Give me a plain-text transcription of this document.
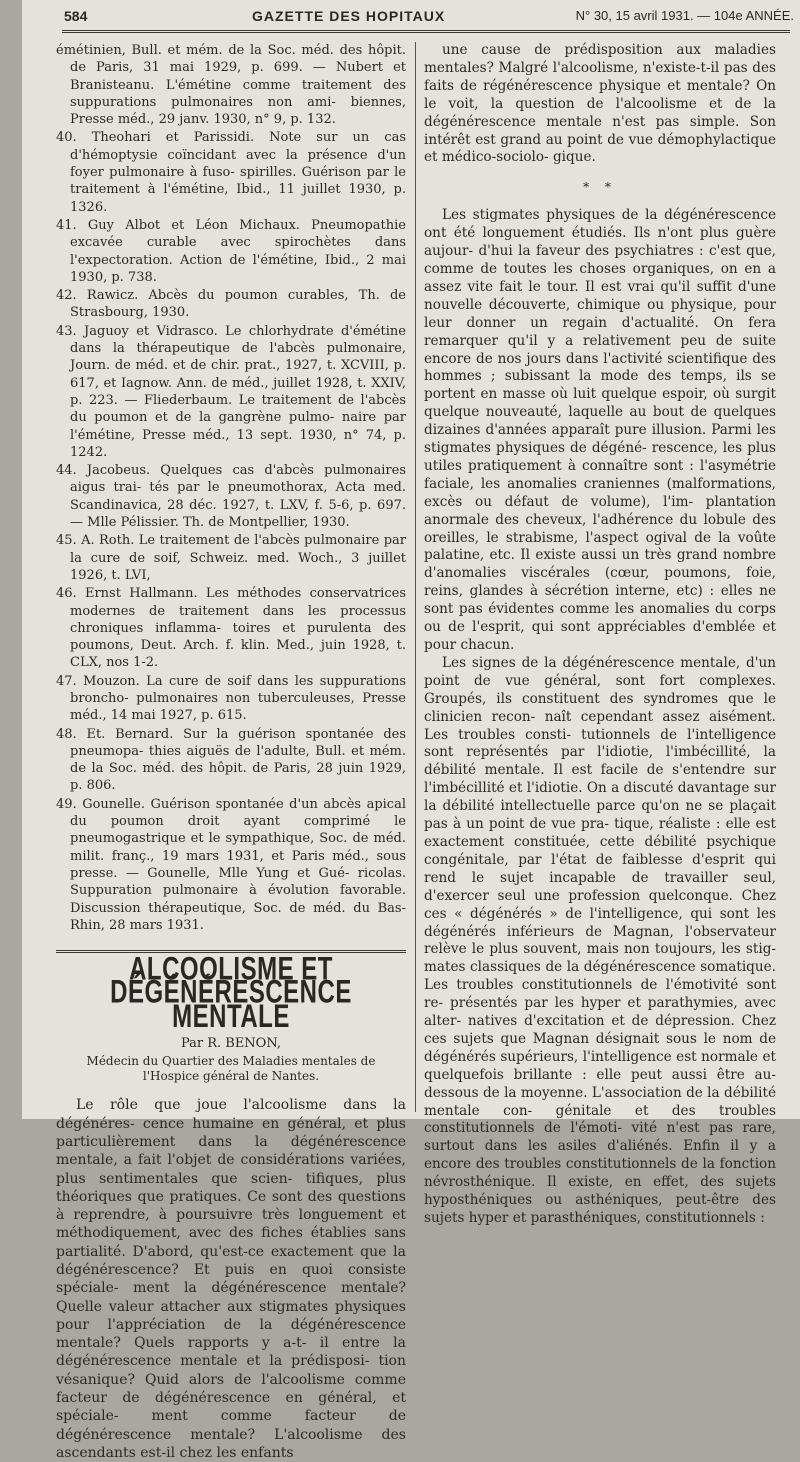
584	GAZETTE DES HOPITAUX	N° 30, 15 avril 1931. — 104e ANNÉE.

émétinien, Bull. et mém. de la Soc. méd. des hôpit. de Paris, 31 mai 1929, p. 699. — Nubert et Branisteanu. L'émétine comme traitement des suppurations pulmonaires non ami- biennes, Presse méd., 29 janv. 1930, n° 9, p. 132.

40. Theohari et Parissidi. Note sur un cas d'hémoptysie coïncidant avec la présence d'un foyer pulmonaire à fuso- spirilles. Guérison par le traitement à l'émétine, Ibid., 11 juillet 1930, p. 1326.

41. Guy Albot et Léon Michaux. Pneumopathie excavée curable avec spirochètes dans l'expectoration. Action de l'émétine, Ibid., 2 mai 1930, p. 738.

42. Rawicz. Abcès du poumon curables, Th. de Strasbourg, 1930.

43. Jaguoy et Vidrasco. Le chlorhydrate d'émétine dans la thérapeutique de l'abcès pulmonaire, Journ. de méd. et de chir. prat., 1927, t. XCVIII, p. 617, et Iagnow. Ann. de méd., juillet 1928, t. XXIV, p. 223. — Fliederbaum. Le traitement de l'abcès du poumon et de la gangrène pulmo- naire par l'émétine, Presse méd., 13 sept. 1930, n° 74, p. 1242.

44. Jacobeus. Quelques cas d'abcès pulmonaires aigus trai- tés par le pneumothorax, Acta med. Scandinavica, 28 déc. 1927, t. LXV, f. 5-6, p. 697. — Mlle Pélissier. Th. de Montpellier, 1930.

45. A. Roth. Le traitement de l'abcès pulmonaire par la cure de soif, Schweiz. med. Woch., 3 juillet 1926, t. LVI,

46. Ernst Hallmann. Les méthodes conservatrices modernes de traitement dans les processus chroniques inflamma- toires et purulenta des poumons, Deut. Arch. f. klin. Med., juin 1928, t. CLX, nos 1-2.

47. Mouzon. La cure de soif dans les suppurations broncho- pulmonaires non tuberculeuses, Presse méd., 14 mai 1927, p. 615.

48. Et. Bernard. Sur la guérison spontanée des pneumopa- thies aiguës de l'adulte, Bull. et mém. de la Soc. méd. des hôpit. de Paris, 28 juin 1929, p. 806.

49. Gounelle. Guérison spontanée d'un abcès apical du poumon droit ayant comprimé le pneumogastrique et le sympathique, Soc. de méd. milit. franç., 19 mars 1931, et Paris méd., sous presse. — Gounelle, Mlle Yung et Gué- ricolas. Suppuration pulmonaire à évolution favorable. Discussion thérapeutique, Soc. de méd. du Bas-Rhin, 28 mars 1931.

ALCOOLISME ET DÉGÉNÉRESCENCE MENTALE

Par R. BENON,

Médecin du Quartier des Maladies mentales de l'Hospice général de Nantes.

Le rôle que joue l'alcoolisme dans la dégénéres- cence humaine en général, et plus particulièrement dans la dégénérescence mentale, a fait l'objet de considérations variées, plus sentimentales que scien- tifiques, plus théoriques que pratiques. Ce sont des questions à reprendre, à poursuivre très longuement et méthodiquement, avec des fiches établies sans partialité. D'abord, qu'est-ce exactement que la dégénérescence? Et puis en quoi consiste spéciale- ment la dégénérescence mentale? Quelle valeur attacher aux stigmates physiques pour l'appréciation de la dégénérescence mentale? Quels rapports y a-t- il entre la dégénérescence mentale et la prédisposi- tion vésanique? Quid alors de l'alcoolisme comme facteur de dégénérescence en général, et spéciale- ment comme facteur de dégénérescence mentale? L'alcoolisme des ascendants est-il chez les enfants

une cause de prédisposition aux maladies mentales? Malgré l'alcoolisme, n'existe-t-il pas des faits de régénérescence physique et mentale? On le voit, la question de l'alcoolisme et de la dégénérescence mentale n'est pas simple. Son intérêt est grand au point de vue démophylactique et médico-sociolo- gique.

* *

Les stigmates physiques de la dégénérescence ont été longuement étudiés. Ils n'ont plus guère aujour- d'hui la faveur des psychiatres : c'est que, comme de toutes les choses organiques, on en a assez vite fait le tour. Il est vrai qu'il suffit d'une nouvelle découverte, chimique ou physique, pour leur donner un regain d'actualité. On fera remarquer qu'il y a relativement peu de suite encore de nos jours dans l'activité scientifique des hommes ; subissant la mode des temps, ils se portent en masse où luit quelque espoir, où surgit quelque nouveauté, laquelle au bout de quelques dizaines d'années apparaît pure illusion. Parmi les stigmates physiques de dégéné- rescence, les plus utiles pratiquement à connaître sont : l'asymétrie faciale, les anomalies craniennes (malformations, excès ou défaut de volume), l'im- plantation anormale des cheveux, l'adhérence du lobule des oreilles, le strabisme, l'aspect ogival de la voûte palatine, etc. Il existe aussi un très grand nombre d'anomalies viscérales (cœur, poumons, foie, reins, glandes à sécrétion interne, etc) : elles ne sont pas évidentes comme les anomalies du corps ou de l'esprit, qui sont appréciables d'emblée et pour chacun.

Les signes de la dégénérescence mentale, d'un point de vue général, sont fort complexes. Groupés, ils constituent des syndromes que le clinicien recon- naît cependant assez aisément. Les troubles consti- tutionnels de l'intelligence sont représentés par l'idiotie, l'imbécillité, la débilité mentale. Il est facile de s'entendre sur l'imbécillité et l'idiotie. On a discuté davantage sur la débilité intellectuelle parce qu'on ne se plaçait pas à un point de vue pra- tique, réaliste : elle est exactement constituée, cette débilité psychique congénitale, par l'état de faiblesse d'esprit qui rend le sujet incapable de travailler seul, d'exercer seul une profession quelconque. Chez ces « dégénérés » de l'intelligence, qui sont les dégénérés inférieurs de Magnan, l'observateur relève le plus souvent, mais non toujours, les stig- mates classiques de la dégénérescence somatique. Les troubles constitutionnels de l'émotivité sont re- présentés par les hyper et parathymies, avec alter- natives d'excitation et de dépression. Chez ces sujets que Magnan désignait sous le nom de dégénérés supérieurs, l'intelligence est normale et quelquefois brillante : elle peut aussi être au-dessous de la moyenne. L'association de la débilité mentale con- génitale et des troubles constitutionnels de l'émoti- vité n'est pas rare, surtout dans les asiles d'aliénés. Enfin il y a encore des troubles constitutionnels de la fonction névrosthénique. Il existe, en effet, des sujets hyposthéniques ou asthéniques, peut-être des sujets hyper et parasthéniques, constitutionnels :
